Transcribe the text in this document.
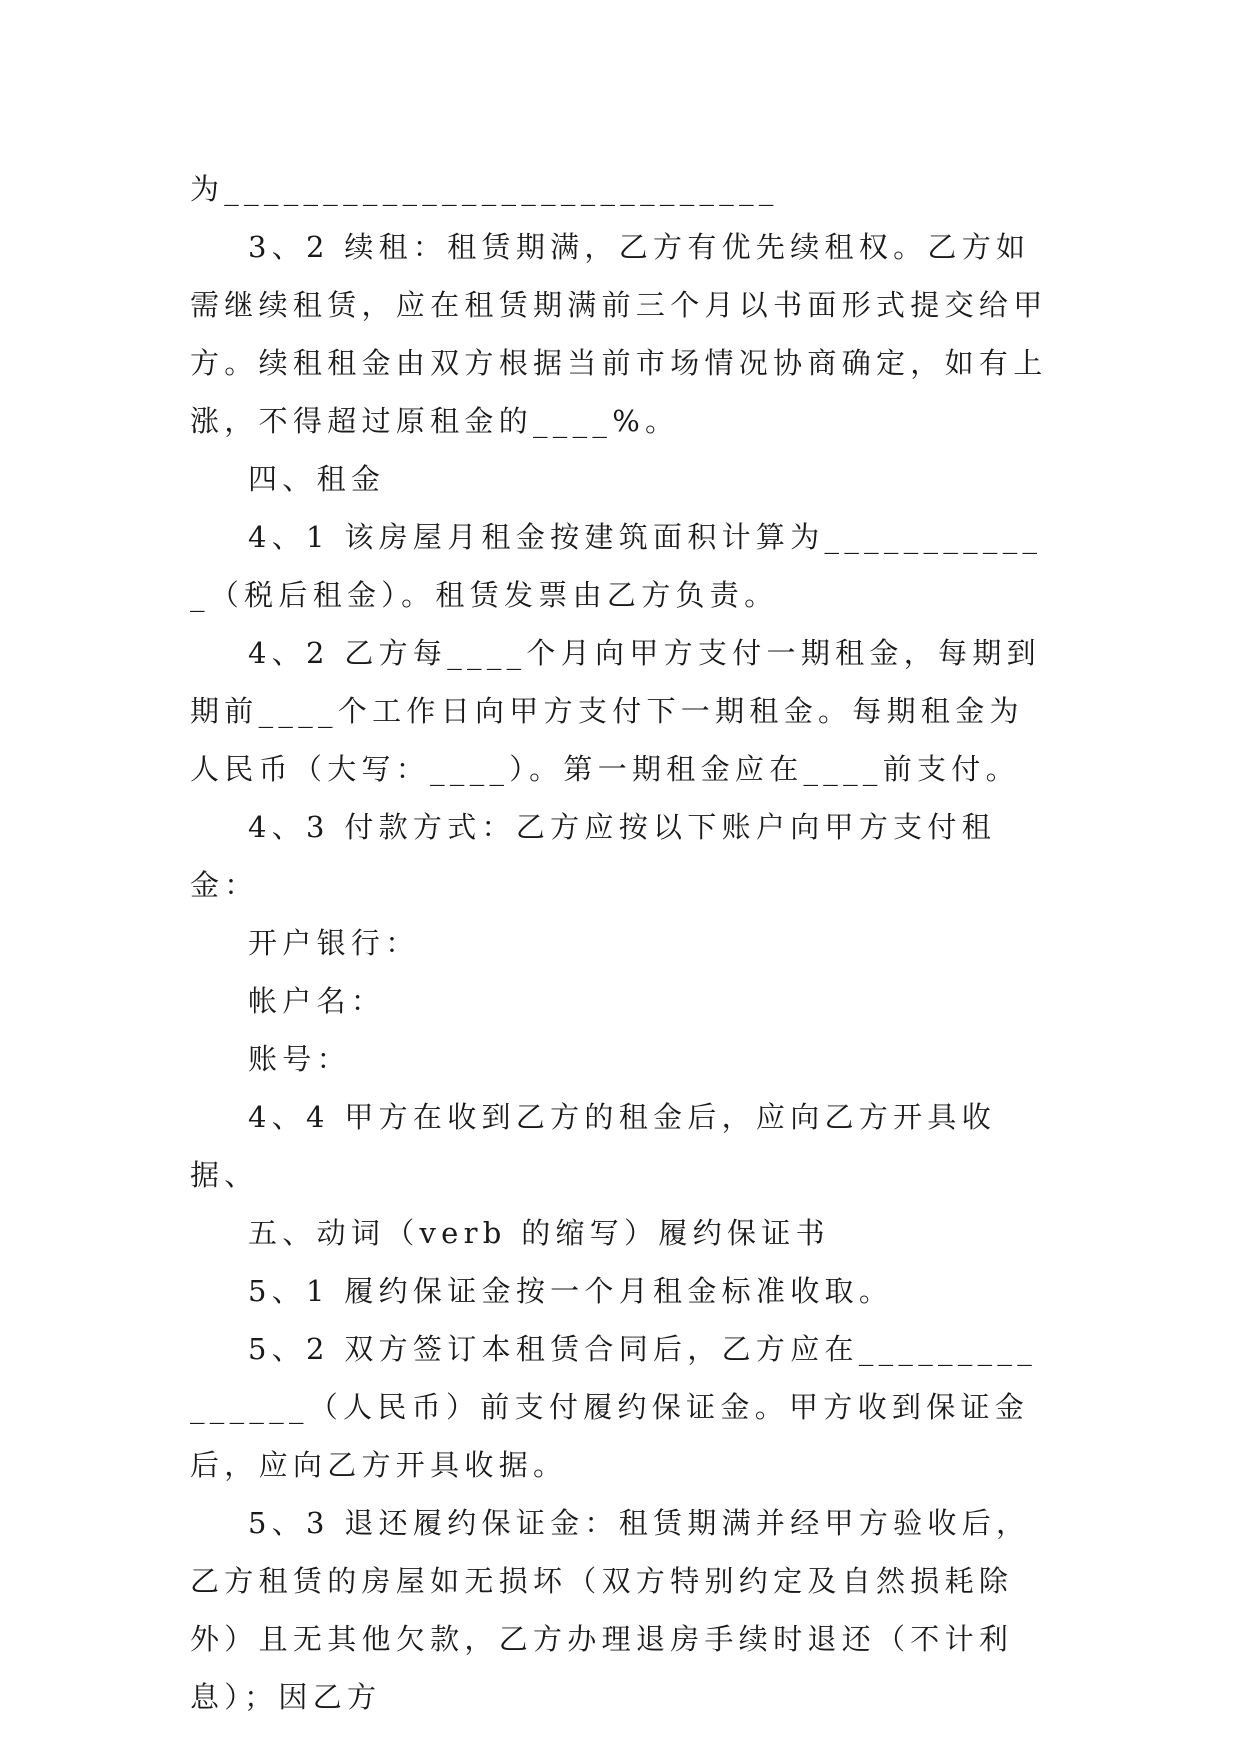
为____________________________

3、2 续租：租赁期满，乙方有优先续租权。乙方如需继续租赁，应在租赁期满前三个月以书面形式提交给甲方。续租租金由双方根据当前市场情况协商确定，如有上涨，不得超过原租金的____%。

四、租金

4、1 该房屋月租金按建筑面积计算为____________（税后租金）。租赁发票由乙方负责。

4、2 乙方每____个月向甲方支付一期租金，每期到期前____个工作日向甲方支付下一期租金。每期租金为人民币（大写：____）。第一期租金应在____前支付。

4、3 付款方式：乙方应按以下账户向甲方支付租金：

开户银行：

帐户名：

账号：

4、4 甲方在收到乙方的租金后，应向乙方开具收据、

五、动词（verb 的缩写）履约保证书

5、1 履约保证金按一个月租金标准收取。

5、2 双方签订本租赁合同后，乙方应在_______________（人民币）前支付履约保证金。甲方收到保证金后，应向乙方开具收据。

5、3 退还履约保证金：租赁期满并经甲方验收后，乙方租赁的房屋如无损坏（双方特别约定及自然损耗除外）且无其他欠款，乙方办理退房手续时退还（不计利息）；因乙方
